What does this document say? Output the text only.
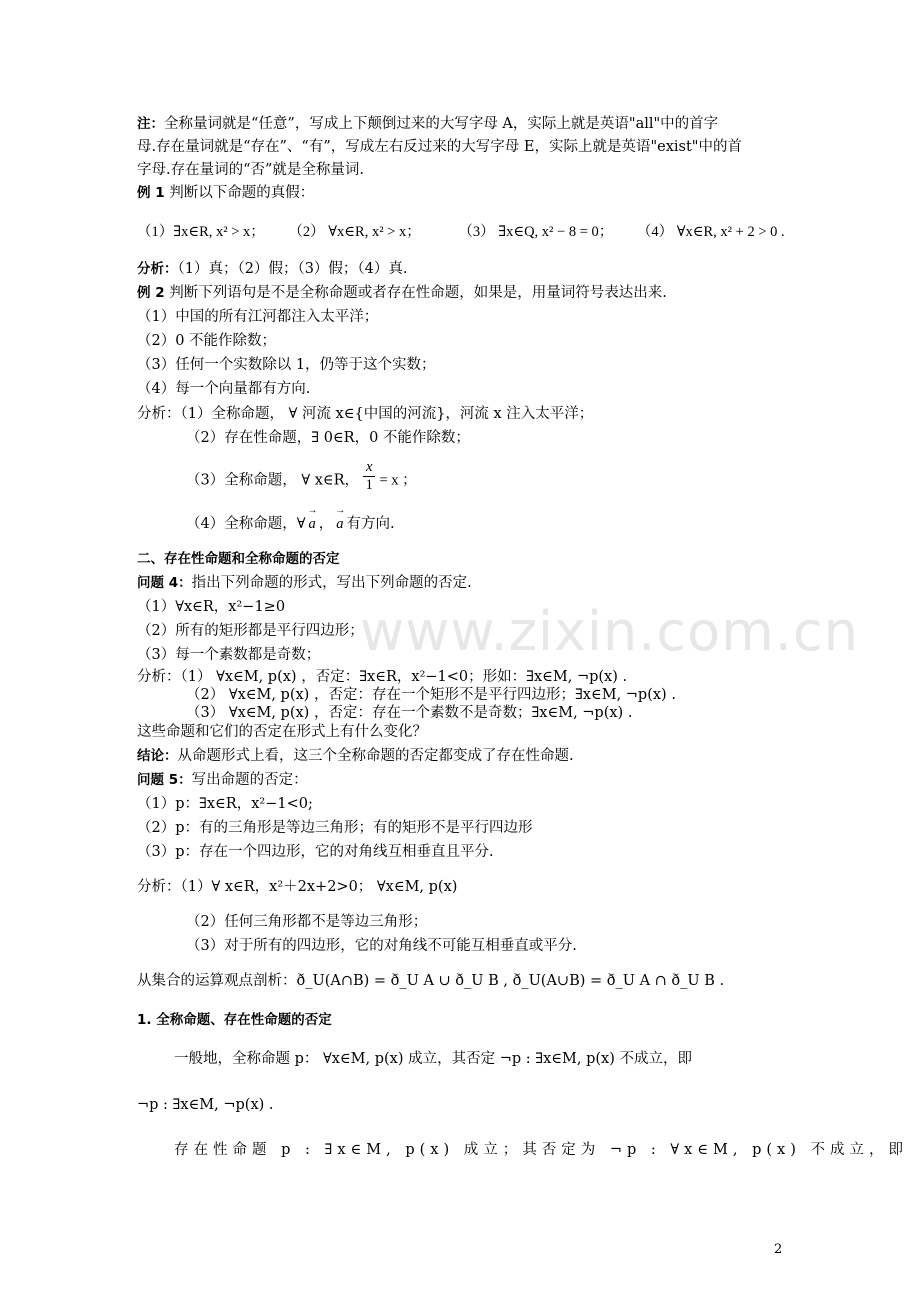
www.zixin.com.cn
注：全称量词就是“任意”，写成上下颠倒过来的大写字母 A，实际上就是英语"all"中的首字
母.存在量词就是“存在”、“有”，写成左右反过来的大写字母 E，实际上就是英语"exist"中的首
字母.存在量词的“否”就是全称量词.
例 1 判断以下命题的真假：
（1）∃x∈R, x² > x； （2） ∀x∈R, x² > x；	（3） ∃x∈Q, x² − 8 = 0； （4） ∀x∈R, x² + 2 > 0 .
分析：（1）真；（2）假；（3）假；（4）真.
例 2 判断下列语句是不是全称命题或者存在性命题，如果是，用量词符号表达出来.
（1）中国的所有江河都注入太平洋；
（2）0 不能作除数；
（3）任何一个实数除以 1，仍等于这个实数；
（4）每一个向量都有方向.
分析：（1）全称命题， ∀ 河流 x∈{中国的河流}，河流 x 注入太平洋；
（2）存在性命题，∃ 0∈R，0 不能作除数；
（3）全称命题， ∀ x∈R， $\frac{x}{1} = x$ ；
（4）全称命题，∀ → a ， → a 有方向.
二、存在性命题和全称命题的否定
问题 4：指出下列命题的形式，写出下列命题的否定.
（1）∀x∈R，x²−1≥0
（2）所有的矩形都是平行四边形；
（3）每一个素数都是奇数；
分析：（1） ∀x∈M, p(x) ，否定：∃x∈R，x²−1<0；形如：∃x∈M, ¬p(x) .
（2） ∀x∈M, p(x) ，否定：存在一个矩形不是平行四边形；∃x∈M, ¬p(x) .
（3） ∀x∈M, p(x) ，否定：存在一个素数不是奇数；∃x∈M, ¬p(x) .
这些命题和它们的否定在形式上有什么变化？
结论：从命题形式上看，这三个全称命题的否定都变成了存在性命题.
问题 5：写出命题的否定：
（1）p：∃x∈R，x²−1<0;
（2）p：有的三角形是等边三角形；有的矩形不是平行四边形
（3）p：存在一个四边形，它的对角线互相垂直且平分.
分析：（1）∀ x∈R，x²＋2x+2>0； ∀x∈M, p(x)
（2）任何三角形都不是等边三角形；
（3）对于所有的四边形，它的对角线不可能互相垂直或平分.
从集合的运算观点剖析：ð_U(A∩B) = ð_U A ∪ ð_U B , ð_U(A∪B) = ð_U A ∩ ð_U B .
1. 全称命题、存在性命题的否定
一般地，全称命题 p： ∀x∈M, p(x) 成立，其否定 ¬p : ∃x∈M, p(x) 不成立，即
¬p : ∃x∈M, ¬p(x) .
存在性命题 p : ∃x∈M, p(x) 成立；其否定为 ¬p : ∀x∈M, p(x) 不成立，即
2
